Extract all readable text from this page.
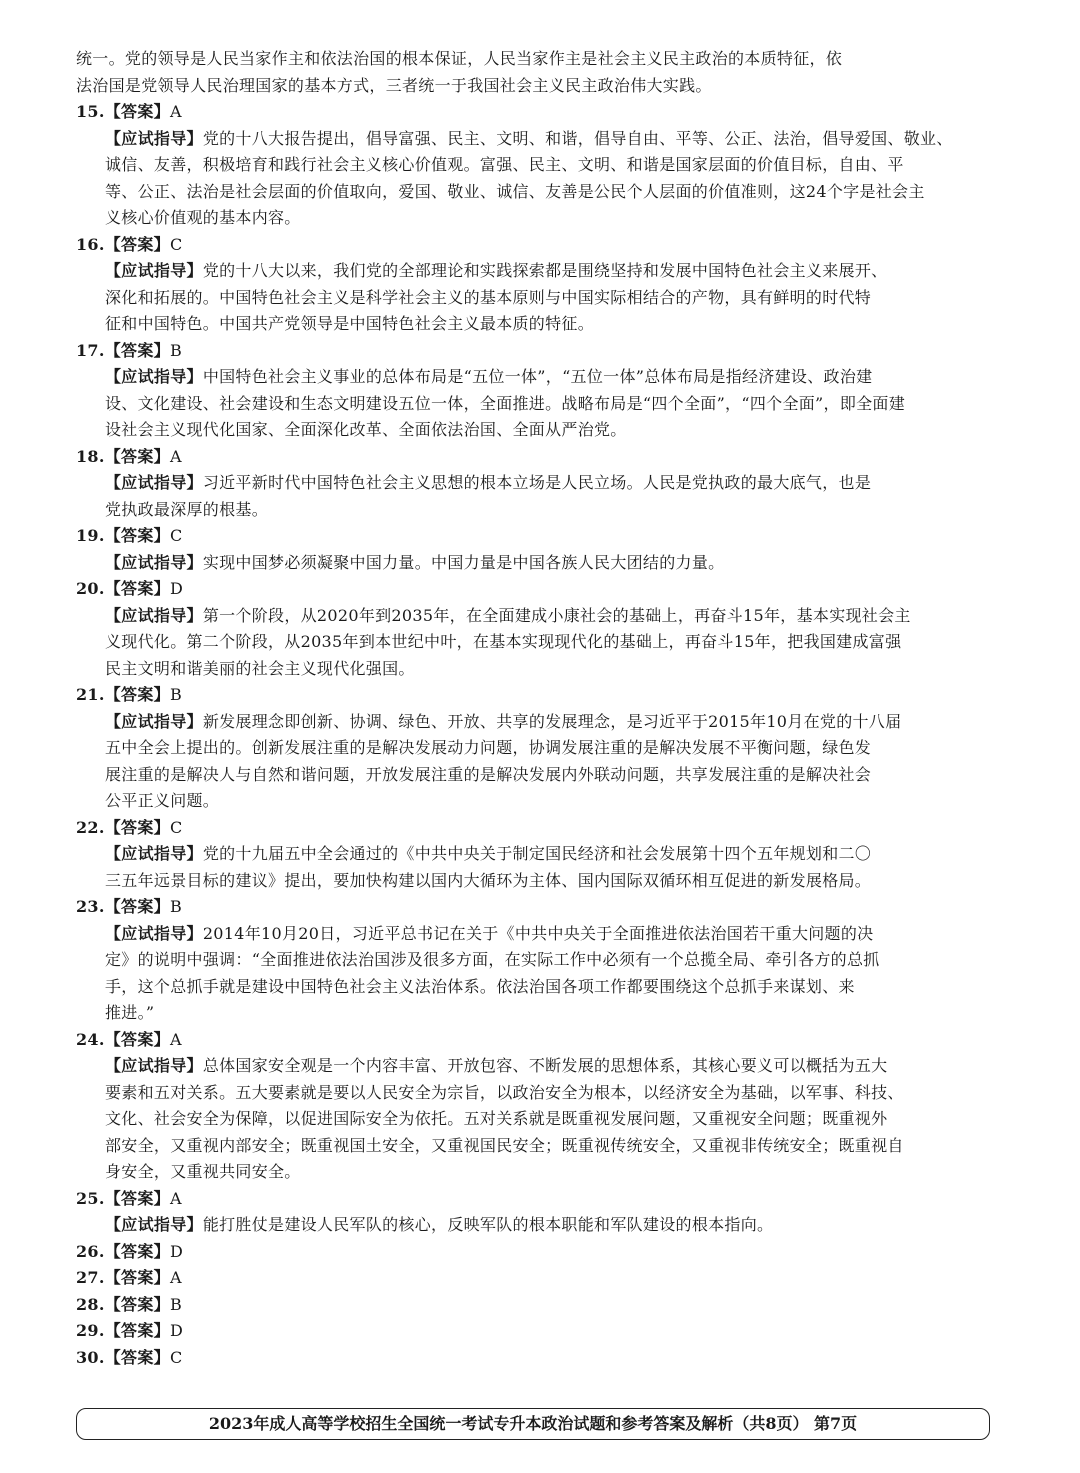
统一。党的领导是人民当家作主和依法治国的根本保证，人民当家作主是社会主义民主政治的本质特征，依
法治国是党领导人民治理国家的基本方式，三者统一于我国社会主义民主政治伟大实践。
15.【答案】A
【应试指导】党的十八大报告提出，倡导富强、民主、文明、和谐，倡导自由、平等、公正、法治，倡导爱国、敬业、
诚信、友善，积极培育和践行社会主义核心价值观。富强、民主、文明、和谐是国家层面的价值目标，自由、平
等、公正、法治是社会层面的价值取向，爱国、敬业、诚信、友善是公民个人层面的价值准则，这24个字是社会主
义核心价值观的基本内容。
16.【答案】C
【应试指导】党的十八大以来，我们党的全部理论和实践探索都是围绕坚持和发展中国特色社会主义来展开、
深化和拓展的。中国特色社会主义是科学社会主义的基本原则与中国实际相结合的产物，具有鲜明的时代特
征和中国特色。中国共产党领导是中国特色社会主义最本质的特征。
17.【答案】B
【应试指导】中国特色社会主义事业的总体布局是“五位一体”，“五位一体”总体布局是指经济建设、政治建
设、文化建设、社会建设和生态文明建设五位一体，全面推进。战略布局是“四个全面”，“四个全面”，即全面建
设社会主义现代化国家、全面深化改革、全面依法治国、全面从严治党。
18.【答案】A
【应试指导】习近平新时代中国特色社会主义思想的根本立场是人民立场。人民是党执政的最大底气，也是
党执政最深厚的根基。
19.【答案】C
【应试指导】实现中国梦必须凝聚中国力量。中国力量是中国各族人民大团结的力量。
20.【答案】D
【应试指导】第一个阶段，从2020年到2035年，在全面建成小康社会的基础上，再奋斗15年，基本实现社会主
义现代化。第二个阶段，从2035年到本世纪中叶，在基本实现现代化的基础上，再奋斗15年，把我国建成富强
民主文明和谐美丽的社会主义现代化强国。
21.【答案】B
【应试指导】新发展理念即创新、协调、绿色、开放、共享的发展理念，是习近平于2015年10月在党的十八届
五中全会上提出的。创新发展注重的是解决发展动力问题，协调发展注重的是解决发展不平衡问题，绿色发
展注重的是解决人与自然和谐问题，开放发展注重的是解决发展内外联动问题，共享发展注重的是解决社会
公平正义问题。
22.【答案】C
【应试指导】党的十九届五中全会通过的《中共中央关于制定国民经济和社会发展第十四个五年规划和二〇
三五年远景目标的建议》提出，要加快构建以国内大循环为主体、国内国际双循环相互促进的新发展格局。
23.【答案】B
【应试指导】2014年10月20日，习近平总书记在关于《中共中央关于全面推进依法治国若干重大问题的决
定》的说明中强调：“全面推进依法治国涉及很多方面，在实际工作中必须有一个总揽全局、牵引各方的总抓
手，这个总抓手就是建设中国特色社会主义法治体系。依法治国各项工作都要围绕这个总抓手来谋划、来
推进。”
24.【答案】A
【应试指导】总体国家安全观是一个内容丰富、开放包容、不断发展的思想体系，其核心要义可以概括为五大
要素和五对关系。五大要素就是要以人民安全为宗旨，以政治安全为根本，以经济安全为基础，以军事、科技、
文化、社会安全为保障，以促进国际安全为依托。五对关系就是既重视发展问题，又重视安全问题；既重视外
部安全，又重视内部安全；既重视国土安全，又重视国民安全；既重视传统安全，又重视非传统安全；既重视自
身安全，又重视共同安全。
25.【答案】A
【应试指导】能打胜仗是建设人民军队的核心，反映军队的根本职能和军队建设的根本指向。
26.【答案】D
27.【答案】A
28.【答案】B
29.【答案】D
30.【答案】C
2023年成人高等学校招生全国统一考试专升本政治试题和参考答案及解析（共8页） 第7页
